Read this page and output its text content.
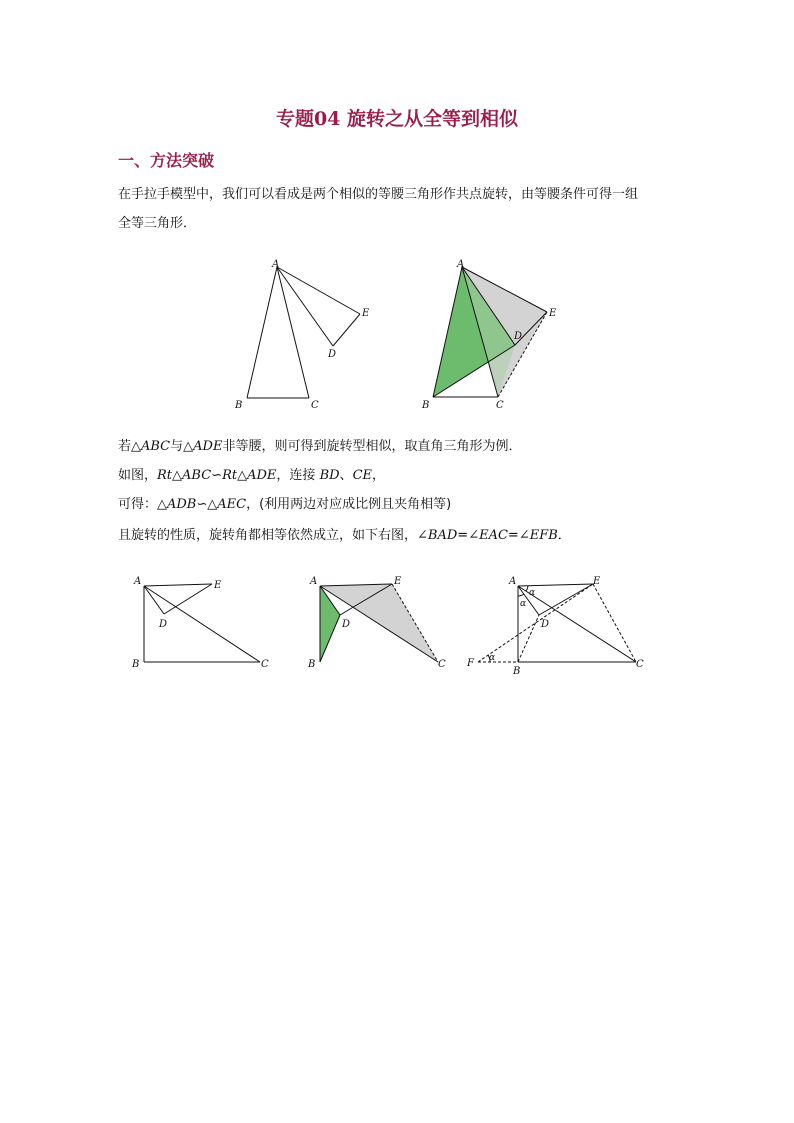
专题04 旋转之从全等到相似
一、方法突破
在手拉手模型中，我们可以看成是两个相似的等腰三角形作共点旋转，由等腰条件可得一组
全等三角形．
A
B	C
D
E
A
B	C
D
E
若△ABC与△ADE非等腰，则可得到旋转型相似，取直角三角形为例．
如图，Rt△ABC∽Rt△ADE，连接 BD、CE，
可得：△ADB∽△AEC，(利用两边对应成比例且夹角相等)
且旋转的性质，旋转角都相等依然成立，如下右图，∠BAD=∠EAC=∠EFB．
A
B	C
D
E	A
B	C
D
E	A
B
C
D
E
F
α
α
α
